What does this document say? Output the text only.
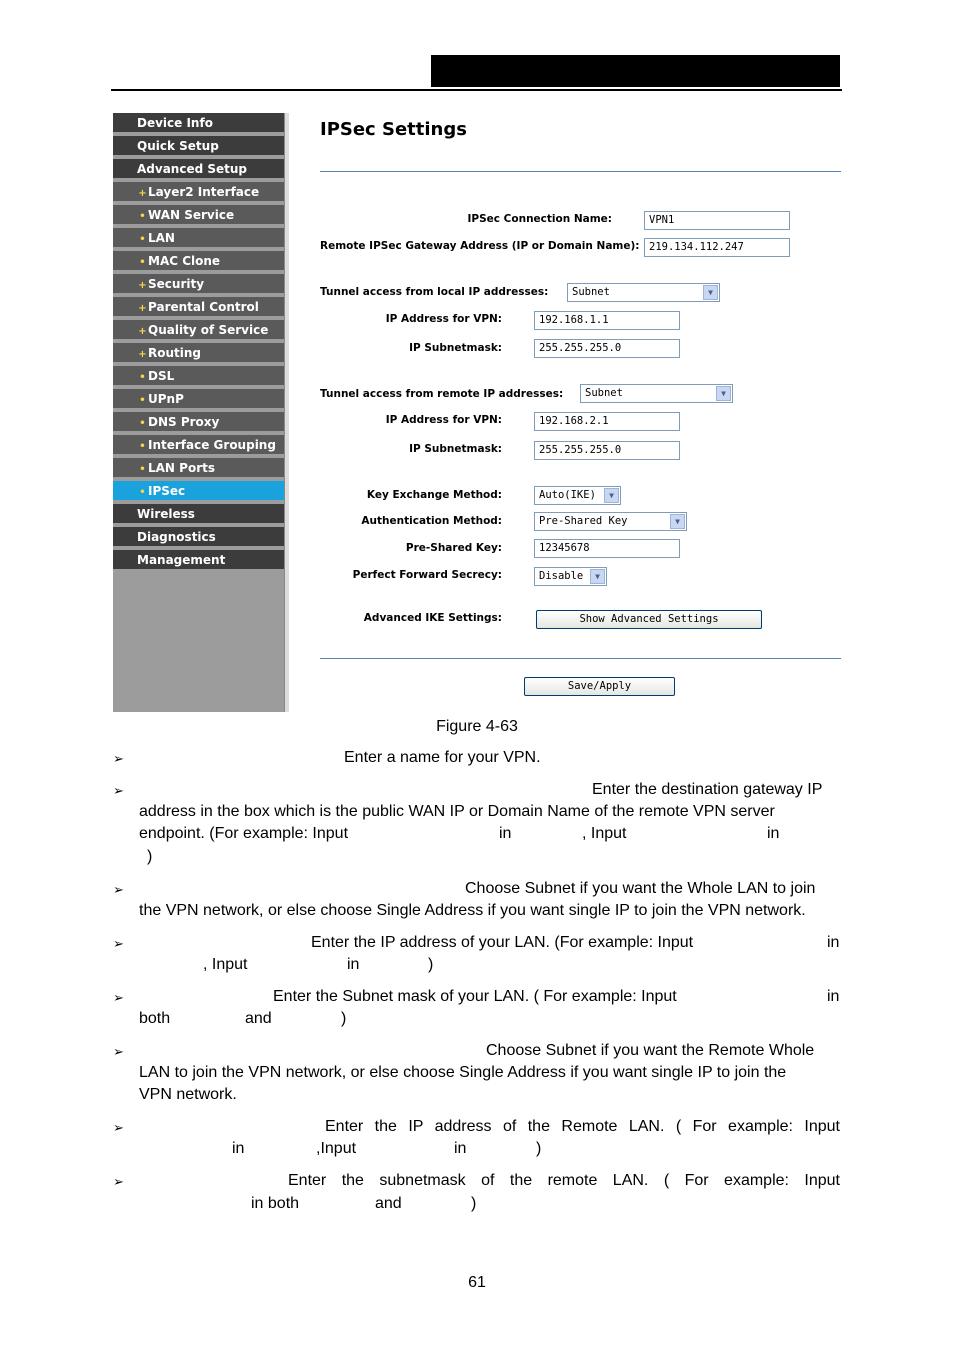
Device Info
Quick Setup
Advanced Setup
+Layer2 Interface
• WAN Service
• LAN
• MAC Clone
+Security
+Parental Control
+Quality of Service
+Routing
• DSL
• UPnP
• DNS Proxy
• Interface Grouping
• LAN Ports
• IPSec
Wireless
Diagnostics
Management
IPSec Settings
IPSec Connection Name:	VPN1
Remote IPSec Gateway Address (IP or Domain Name): 219.134.112.247
Tunnel access from local IP addresses:	Subnet	▼
IP Address for VPN:	192.168.1.1
IP Subnetmask:	255.255.255.0
Tunnel access from remote IP addresses:	Subnet	▼
IP Address for VPN:	192.168.2.1
IP Subnetmask:	255.255.255.0
Key Exchange Method:	Auto(IKE)	▼
Authentication Method:	Pre-Shared Key	▼
Pre-Shared Key:	12345678
Perfect Forward Secrecy:	Disable	▼
Advanced IKE Settings:	Show Advanced Settings
Save/Apply
Figure 4-63
➢	Enter a name for your VPN.
➢	Enter the destination gateway IP
address in the box which is the public WAN IP or Domain Name of the remote VPN server
endpoint. (For example: Input	in	, Input	in
)
➢	Choose Subnet if you want the Whole LAN to join
the VPN network, or else choose Single Address if you want single IP to join the VPN network.
➢	Enter the IP address of your LAN. (For example: Input	in
, Input	in	)
➢	Enter the Subnet mask of your LAN. ( For example: Input	in
both	and	)
➢	Choose Subnet if you want the Remote Whole
LAN to join the VPN network, or else choose Single Address if you want single IP to join the
VPN network.
➢	Enter the IP address of the Remote LAN. ( For example: Input
in	,Input	in	)
➢	Enter the subnetmask of the remote LAN. ( For example: Input
in both	and	)
61
